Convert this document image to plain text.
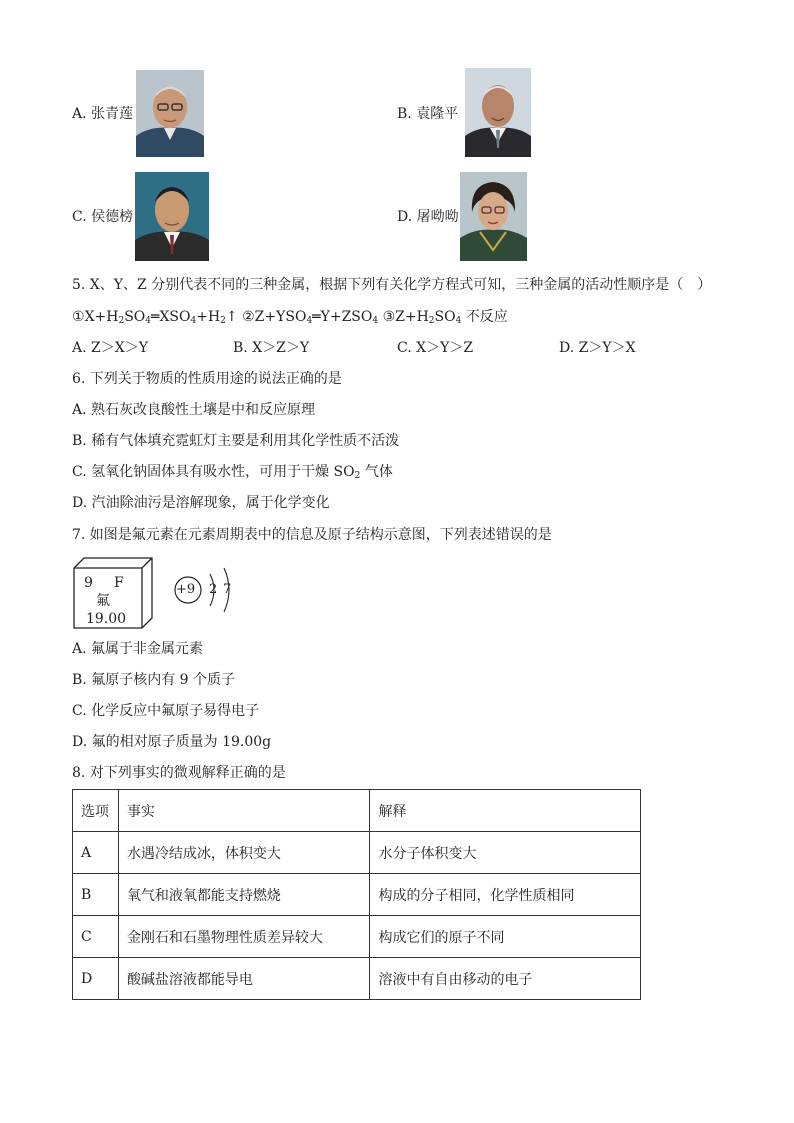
A. 张青莲	B. 袁隆平
C. 侯德榜	D. 屠呦呦
5. X、Y、Z 分别代表不同的三种金属，根据下列有关化学方程式可知，三种金属的活动性顺序是（　）
$①X+H_2SO_4═XSO_4+H_2↑$ $②Z+YSO_4═Y+ZSO_4$ $③Z+H_2SO_4$ 不反应
A. Z＞X＞Y	B. X＞Z＞Y	C. X＞Y＞Z	D. Z＞Y＞X
6. 下列关于物质的性质用途的说法正确的是
A. 熟石灰改良酸性土壤是中和反应原理
B. 稀有气体填充霓虹灯主要是利用其化学性质不活泼
C. 氢氧化钠固体具有吸水性，可用于干燥 $SO_2$ 气体
D. 汽油除油污是溶解现象，属于化学变化
7. 如图是氟元素在元素周期表中的信息及原子结构示意图，下列表述错误的是
9 F
氟
19.00
+9 2 7
A. 氟属于非金属元素
B. 氟原子核内有 9 个质子
C. 化学反应中氟原子易得电子
D. 氟的相对原子质量为 19.00g
8. 对下列事实的微观解释正确的是
选项	事实	解释
A	水遇冷结成冰，体积变大	水分子体积变大
B	氧气和液氧都能支持燃烧	构成的分子相同，化学性质相同
C	金刚石和石墨物理性质差异较大	构成它们的原子不同
D	酸碱盐溶液都能导电	溶液中有自由移动的电子
